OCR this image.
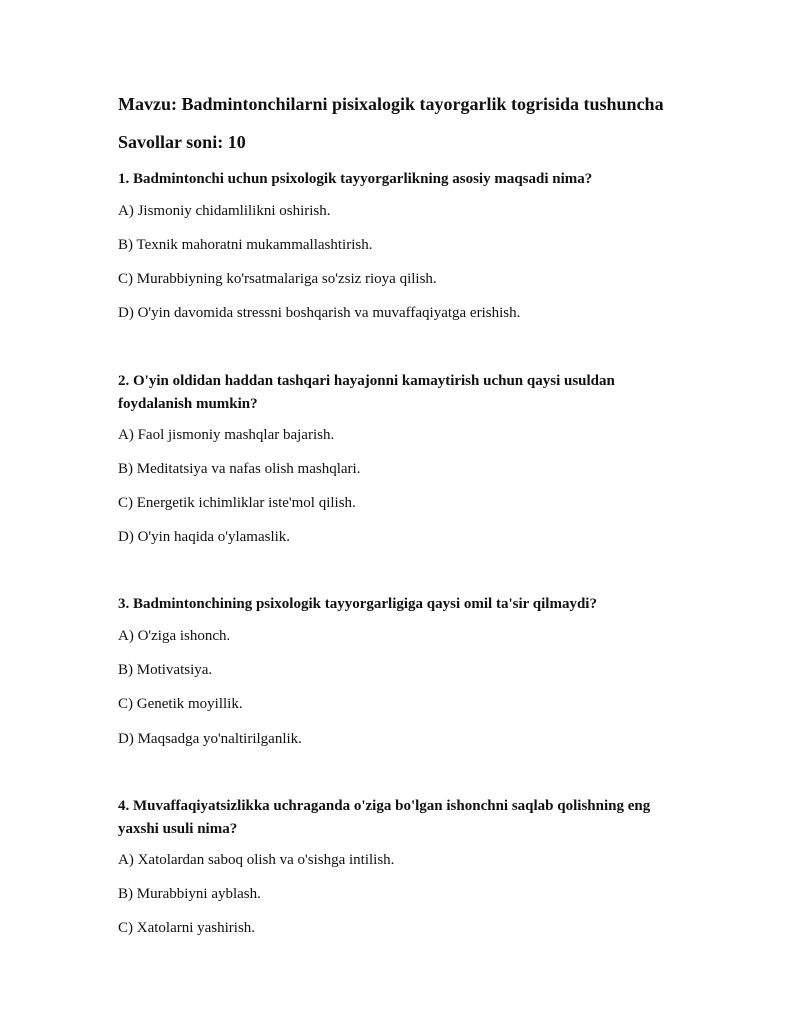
Mavzu: Badmintonchilarni pisixalogik tayorgarlik togrisida tushuncha
Savollar soni: 10
1. Badmintonchi uchun psixologik tayyorgarlikning asosiy maqsadi nima?
A) Jismoniy chidamlilikni oshirish.
B) Texnik mahoratni mukammallashtirish.
C) Murabbiyning ko'rsatmalariga so'zsiz rioya qilish.
D) O'yin davomida stressni boshqarish va muvaffaqiyatga erishish.
2. O'yin oldidan haddan tashqari hayajonni kamaytirish uchun qaysi usuldan
foydalanish mumkin?
A) Faol jismoniy mashqlar bajarish.
B) Meditatsiya va nafas olish mashqlari.
C) Energetik ichimliklar iste'mol qilish.
D) O'yin haqida o'ylamaslik.
3. Badmintonchining psixologik tayyorgarligiga qaysi omil ta'sir qilmaydi?
A) O'ziga ishonch.
B) Motivatsiya.
C) Genetik moyillik.
D) Maqsadga yo'naltirilganlik.
4. Muvaffaqiyatsizlikka uchraganda o'ziga bo'lgan ishonchni saqlab qolishning eng
yaxshi usuli nima?
A) Xatolardan saboq olish va o'sishga intilish.
B) Murabbiyni ayblash.
C) Xatolarni yashirish.
